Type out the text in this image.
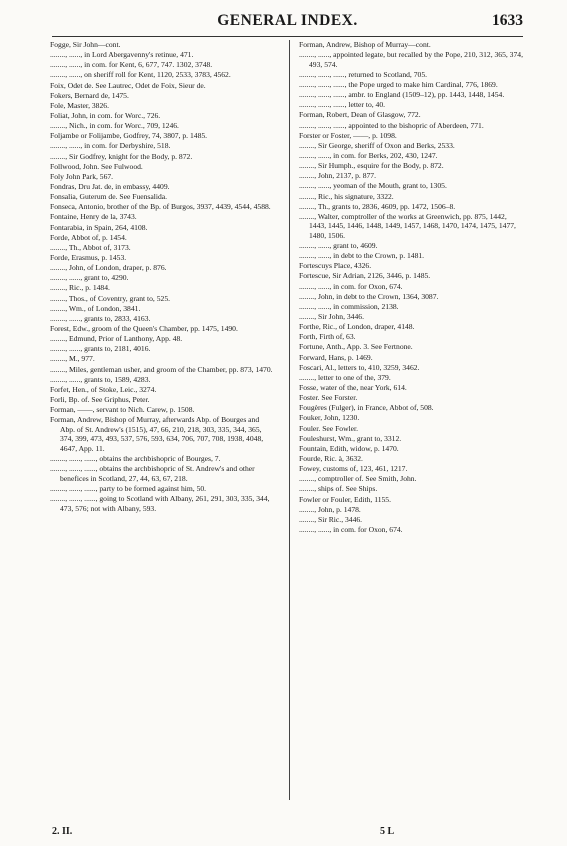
GENERAL INDEX.	1633
Fogge, Sir John—cont.
........, ......, in Lord Abergavenny's retinue, 471.
........, ......, in com. for Kent, 6, 677, 747. 1302, 3748.
........, ......, on sheriff roll for Kent, 1120, 2533, 3783, 4562.
Foix, Odet de. See Lautrec, Odet de Foix, Sieur de.
Fokers, Bernard de, 1475.
Fole, Master, 3826.
Foliat, John, in com. for Worc., 726.
........, Nich., in com. for Worc., 709, 1246.
Foljambe or Folijambe, Godfrey, 74, 3807, p. 1485.
........, ......, in com. for Derbyshire, 518.
........, Sir Godfrey, knight for the Body, p. 872.
Follwood, John. See Fulwood.
Foly John Park, 567.
Fondras, Dru Jat. de, in embassy, 4409.
Fonsalia, Guterum de. See Fuensalida.
Fonseca, Antonio, brother of the Bp. of Burgos, 3937, 4439, 4544, 4588.
Fontaine, Henry de la, 3743.
Fontarabia, in Spain, 264, 4108.
Forde, Abbot of, p. 1454.
........, Th., Abbot of, 3173.
Forde, Erasmus, p. 1453.
........, John, of London, draper, p. 876.
........, ......, grant to, 4290.
........, Ric., p. 1484.
........, Thos., of Coventry, grant to, 525.
........, Wm., of London, 3841.
........, ......, grants to, 2833, 4163.
Forest, Edw., groom of the Queen's Chamber, pp. 1475, 1490.
........, Edmund, Prior of Lanthony, App. 48.
........, ......, grants to, 2181, 4016.
........, M., 977.
........, Miles, gentleman usher, and groom of the Chamber, pp. 873, 1470.
........, ......, grants to, 1589, 4283.
Forfet, Hen., of Stoke, Leic., 3274.
Forli, Bp. of. See Griphus, Peter.
Forman, ——, servant to Nich. Carew, p. 1508.
Forman, Andrew, Bishop of Murray, afterwards Abp. of Bourges and Abp. of St. Andrew's (1515), 47, 66, 210, 218, 303, 335, 344, 365, 374, 399, 473, 493, 537, 576, 593, 634, 706, 707, 708, 1938, 4048, 4647, App. 11.
........, ......, ......, obtains the archbishopric of Bourges, 7.
........, ......, ......, obtains the archbishopric of St. Andrew's and other benefices in Scotland, 27, 44, 63, 67, 218.
........, ......, ......, party to be formed against him, 50.
........, ......, ......, going to Scotland with Albany, 261, 291, 303, 335, 344, 473, 576; not with Albany, 593.
Forman, Andrew, Bishop of Murray—cont.
........, ......, appointed legate, but recalled by the Pope, 210, 312, 365, 374, 493, 574.
........, ......, ......, returned to Scotland, 705.
........, ......, ......, the Pope urged to make him Cardinal, 776, 1869.
........, ......, ......, ambr. to England (1509–12), pp. 1443, 1448, 1454.
........, ......, ......, letter to, 40.
Forman, Robert, Dean of Glasgow, 772.
........, ......, ......, appointed to the bishopric of Aberdeen, 771.
Forster or Foster, ——, p. 1098.
........, Sir George, sheriff of Oxon and Berks, 2533.
........, ......, in com. for Berks, 202, 430, 1247.
........, Sir Humph., esquire for the Body, p. 872.
........, John, 2137, p. 877.
........, ......, yeoman of the Mouth, grant to, 1305.
........, Ric., his signature, 3322.
........, Th., grants to, 2836, 4609, pp. 1472, 1506–8.
........, Walter, comptroller of the works at Greenwich, pp. 875, 1442, 1443, 1445, 1446, 1448, 1449, 1457, 1468, 1470, 1474, 1475, 1477, 1480, 1506.
........, ......, grant to, 4609.
........, ......, in debt to the Crown, p. 1481.
Fortescuys Place, 4326.
Fortescue, Sir Adrian, 2126, 3446, p. 1485.
........, ......, in com. for Oxon, 674.
........, John, in debt to the Crown, 1364, 3087.
........, ......, in commission, 2138.
........, Sir John, 3446.
Forthe, Ric., of London, draper, 4148.
Forth, Firth of, 63.
Fortune, Anth., App. 3. See Fertnone.
Forward, Hans, p. 1469.
Foscari, Al., letters to, 410, 3259, 3462.
........, letter to one of the, 379.
Fosse, water of the, near York, 614.
Foster. See Forster.
Fougères (Fulger), in France, Abbot of, 508.
Fouker, John, 1230.
Fouler. See Fowler.
Fouleshurst, Wm., grant to, 3312.
Fountain, Edith, widow, p. 1470.
Fourde, Ric. à, 3632.
Fowey, customs of, 123, 461, 1217.
........, comptroller of. See Smith, John.
........, ships of. See Ships.
Fowler or Fouler, Edith, 1155.
........, John, p. 1478.
........, Sir Ric., 3446.
........, ......, in com. for Oxon, 674.
2. II.	5 L
